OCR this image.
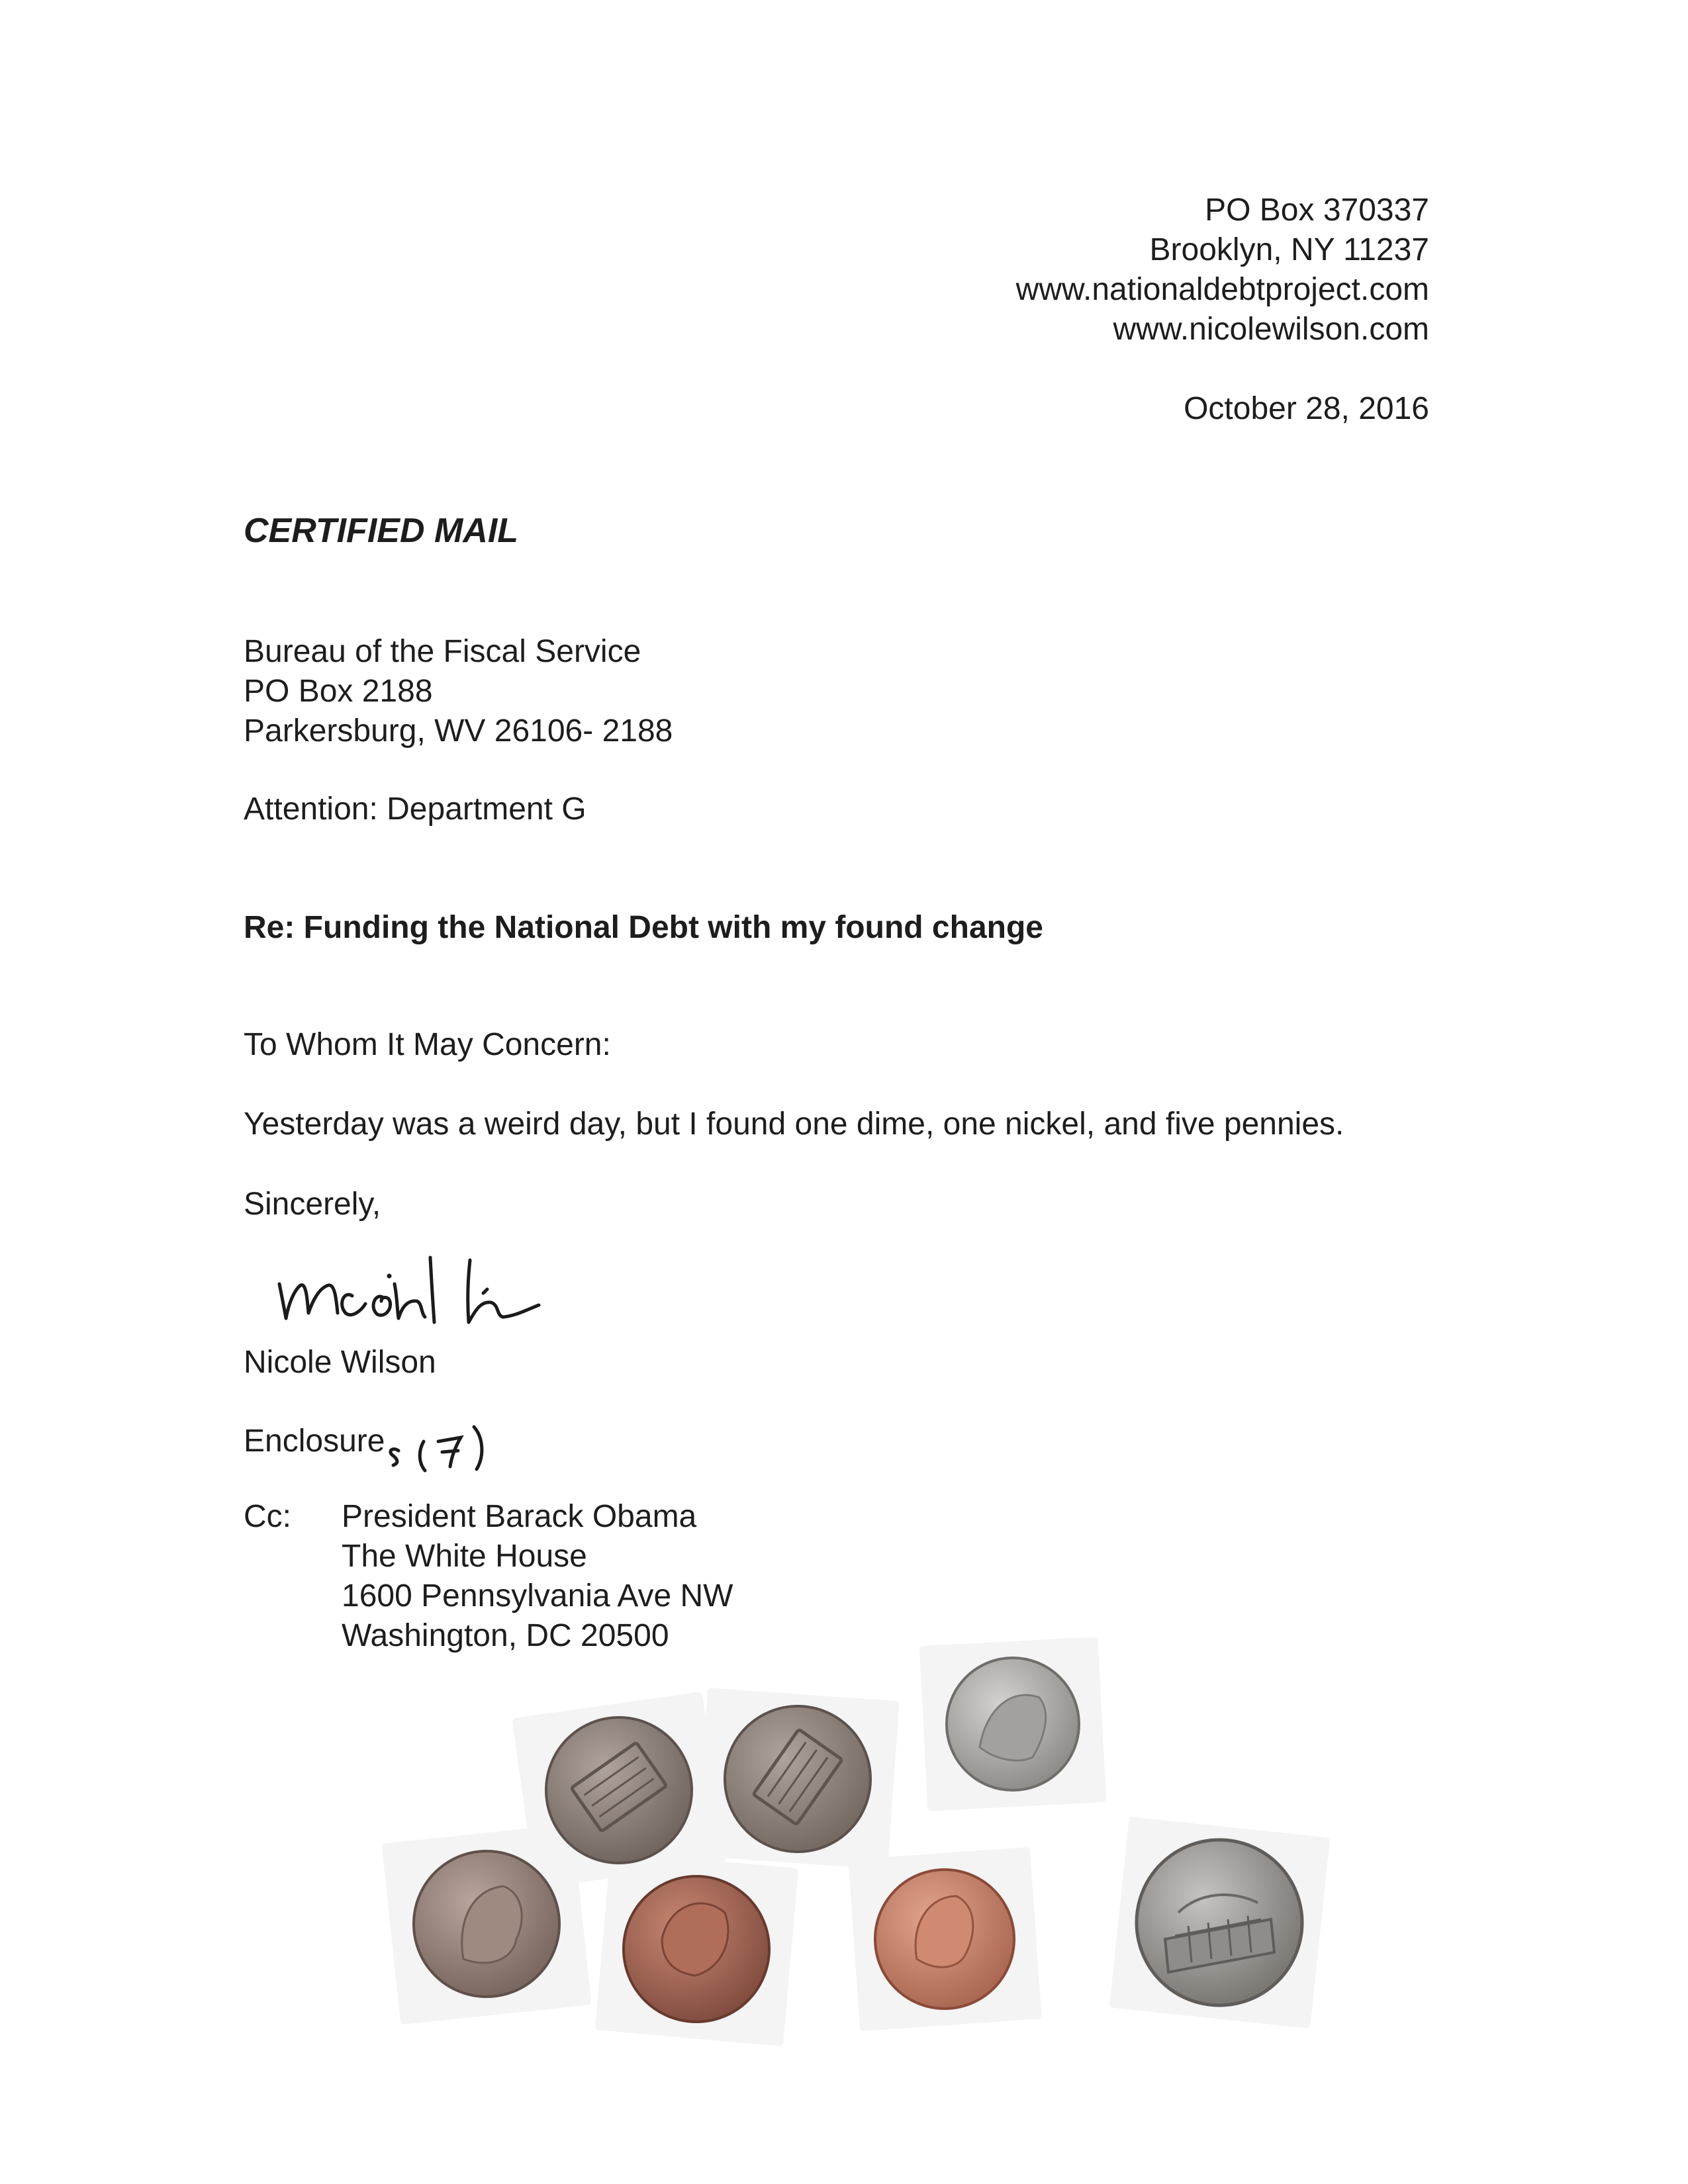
PO Box 370337
Brooklyn, NY 11237
www.nationaldebtproject.com
www.nicolewilson.com
October 28, 2016
CERTIFIED MAIL
Bureau of the Fiscal Service
PO Box 2188
Parkersburg, WV 26106- 2188
Attention: Department G
Re: Funding the National Debt with my found change
To Whom It May Concern:
Yesterday was a weird day, but I found one dime, one nickel, and five pennies.
Sincerely,
Nicole Wilson
Enclosure
Cc: President Barack Obama
The White House
1600 Pennsylvania Ave NW
Washington, DC 20500
